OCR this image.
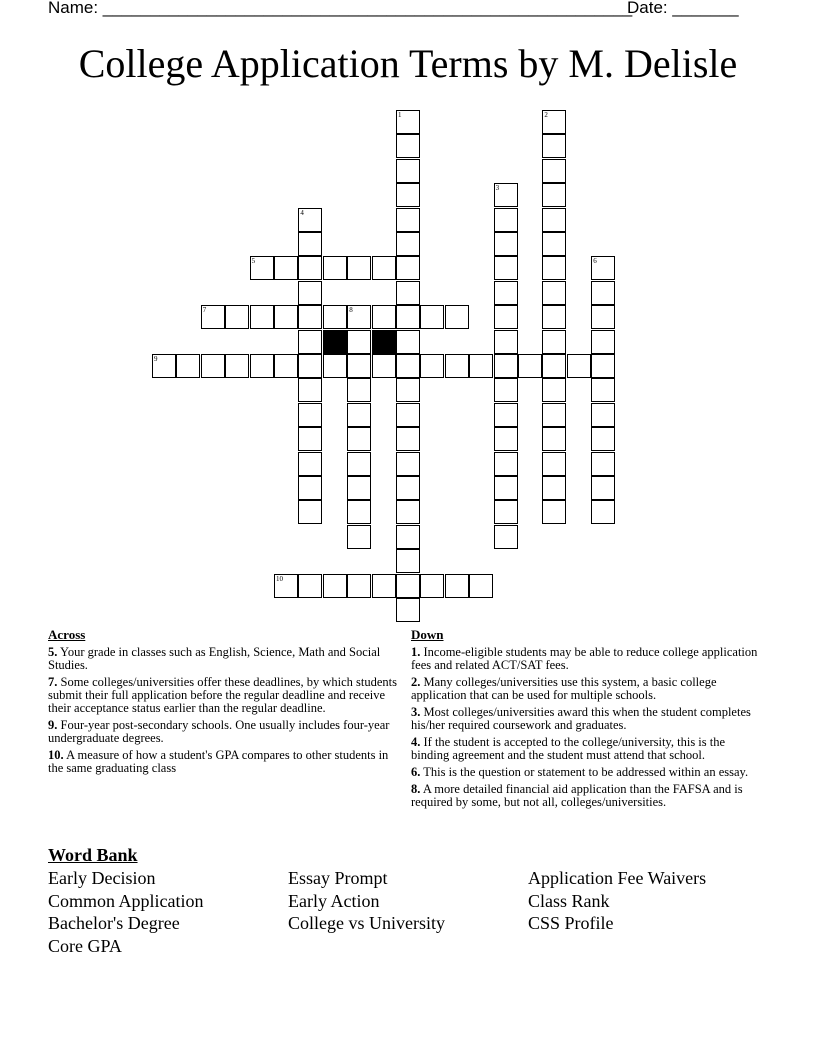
Name: ________________________________________________________
Date: _______
College Application Terms by M. Delisle
5
7	8
9
10
1	2
3
4
6
Across
5. Your grade in classes such as English, Science, Math and Social Studies.
7. Some colleges/universities offer these deadlines, by which students submit their full application before the regular deadline and receive their acceptance status earlier than the regular deadline.
9. Four-year post-secondary schools. One usually includes four-year undergraduate degrees.
10. A measure of how a student's GPA compares to other students in the same graduating class
Down
1. Income-eligible students may be able to reduce college application fees and related ACT/SAT fees.
2. Many colleges/universities use this system, a basic college application that can be used for multiple schools.
3. Most colleges/universities award this when the student completes his/her required coursework and graduates.
4. If the student is accepted to the college/university, this is the binding agreement and the student must attend that school.
6. This is the question or statement to be addressed within an essay.
8. A more detailed financial aid application than the FAFSA and is required by some, but not all, colleges/universities.
Word Bank
Early Decision	Essay Prompt	Application Fee Waivers
Common Application	Early Action	Class Rank
Bachelor's Degree	College vs University	CSS Profile
Core GPA
